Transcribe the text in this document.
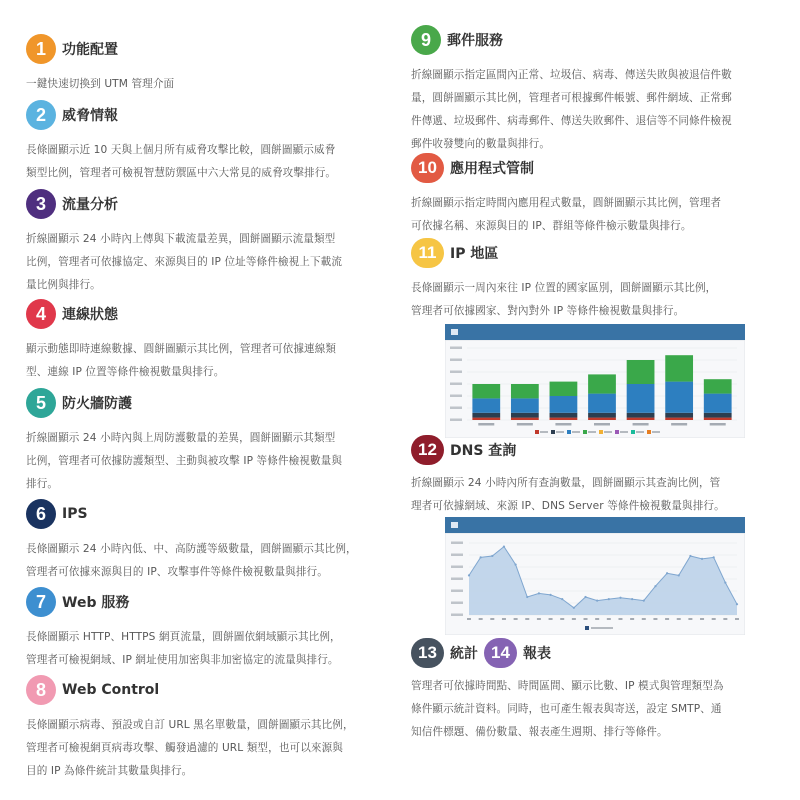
1	功能配置
一鍵快速切換到 UTM 管理介面
2	威脅情報
長條圖顯示近 10 天與上個月所有威脅攻擊比較，圓餅圖顯示威脅
類型比例，管理者可檢視智慧防禦區中六大常見的威脅攻擊排行。
3	流量分析
折線圖顯示 24 小時內上傳與下載流量差異，圓餅圖顯示流量類型
比例，管理者可依據協定、來源與目的 IP 位址等條件檢視上下載流
量比例與排行。
4	連線狀態
顯示動態即時連線數據、圓餅圖顯示其比例，管理者可依據連線類
型、連線 IP 位置等條件檢視數量與排行。
5	防火牆防護
折線圖顯示 24 小時內與上周防護數量的差異，圓餅圖顯示其類型
比例，管理者可依據防護類型、主動與被攻擊 IP 等條件檢視數量與
排行。
6	IPS
長條圖顯示 24 小時內低、中、高防護等級數量，圓餅圖顯示其比例，
管理者可依據來源與目的 IP、攻擊事件等條件檢視數量與排行。
7	Web 服務
長條圖顯示 HTTP、HTTPS 網頁流量，圓餅圖依網域顯示其比例，
管理者可檢視網域、IP 網址使用加密與非加密協定的流量與排行。
8	Web Control
長條圖顯示病毒、預設或自訂 URL 黑名單數量，圓餅圖顯示其比例，
管理者可檢視網頁病毒攻擊、觸發過濾的 URL 類型，也可以來源與
目的 IP 為條件統計其數量與排行。
9	郵件服務
折線圖顯示指定區間內正常、垃圾信、病毒、傳送失敗與被退信件數
量，圓餅圖顯示其比例，管理者可根據郵件帳號、郵件網域、正常郵
件傳遞、垃圾郵件、病毒郵件、傳送失敗郵件、退信等不同條件檢視
郵件收發雙向的數量與排行。
10 應用程式管制
折線圖顯示指定時間內應用程式數量，圓餅圖顯示其比例，管理者
可依據名稱、來源與目的 IP、群組等條件檢示數量與排行。
11 IP 地區
長條圖顯示一周內來往 IP 位置的國家區別，圓餅圖顯示其比例，
管理者可依據國家、對內對外 IP 等條件檢視數量與排行。
12 DNS 查詢
折線圖顯示 24 小時內所有查詢數量，圓餅圖顯示其查詢比例，管
理者可依據網域、來源 IP、DNS Server 等條件檢視數量與排行。
13 統計 14 報表
管理者可依據時間點、時間區間、顯示比數、IP 模式與管理類型為
條件顯示統計資料。同時，也可產生報表與寄送，設定 SMTP、通
知信件標題、備份數量、報表產生週期、排行等條件。
